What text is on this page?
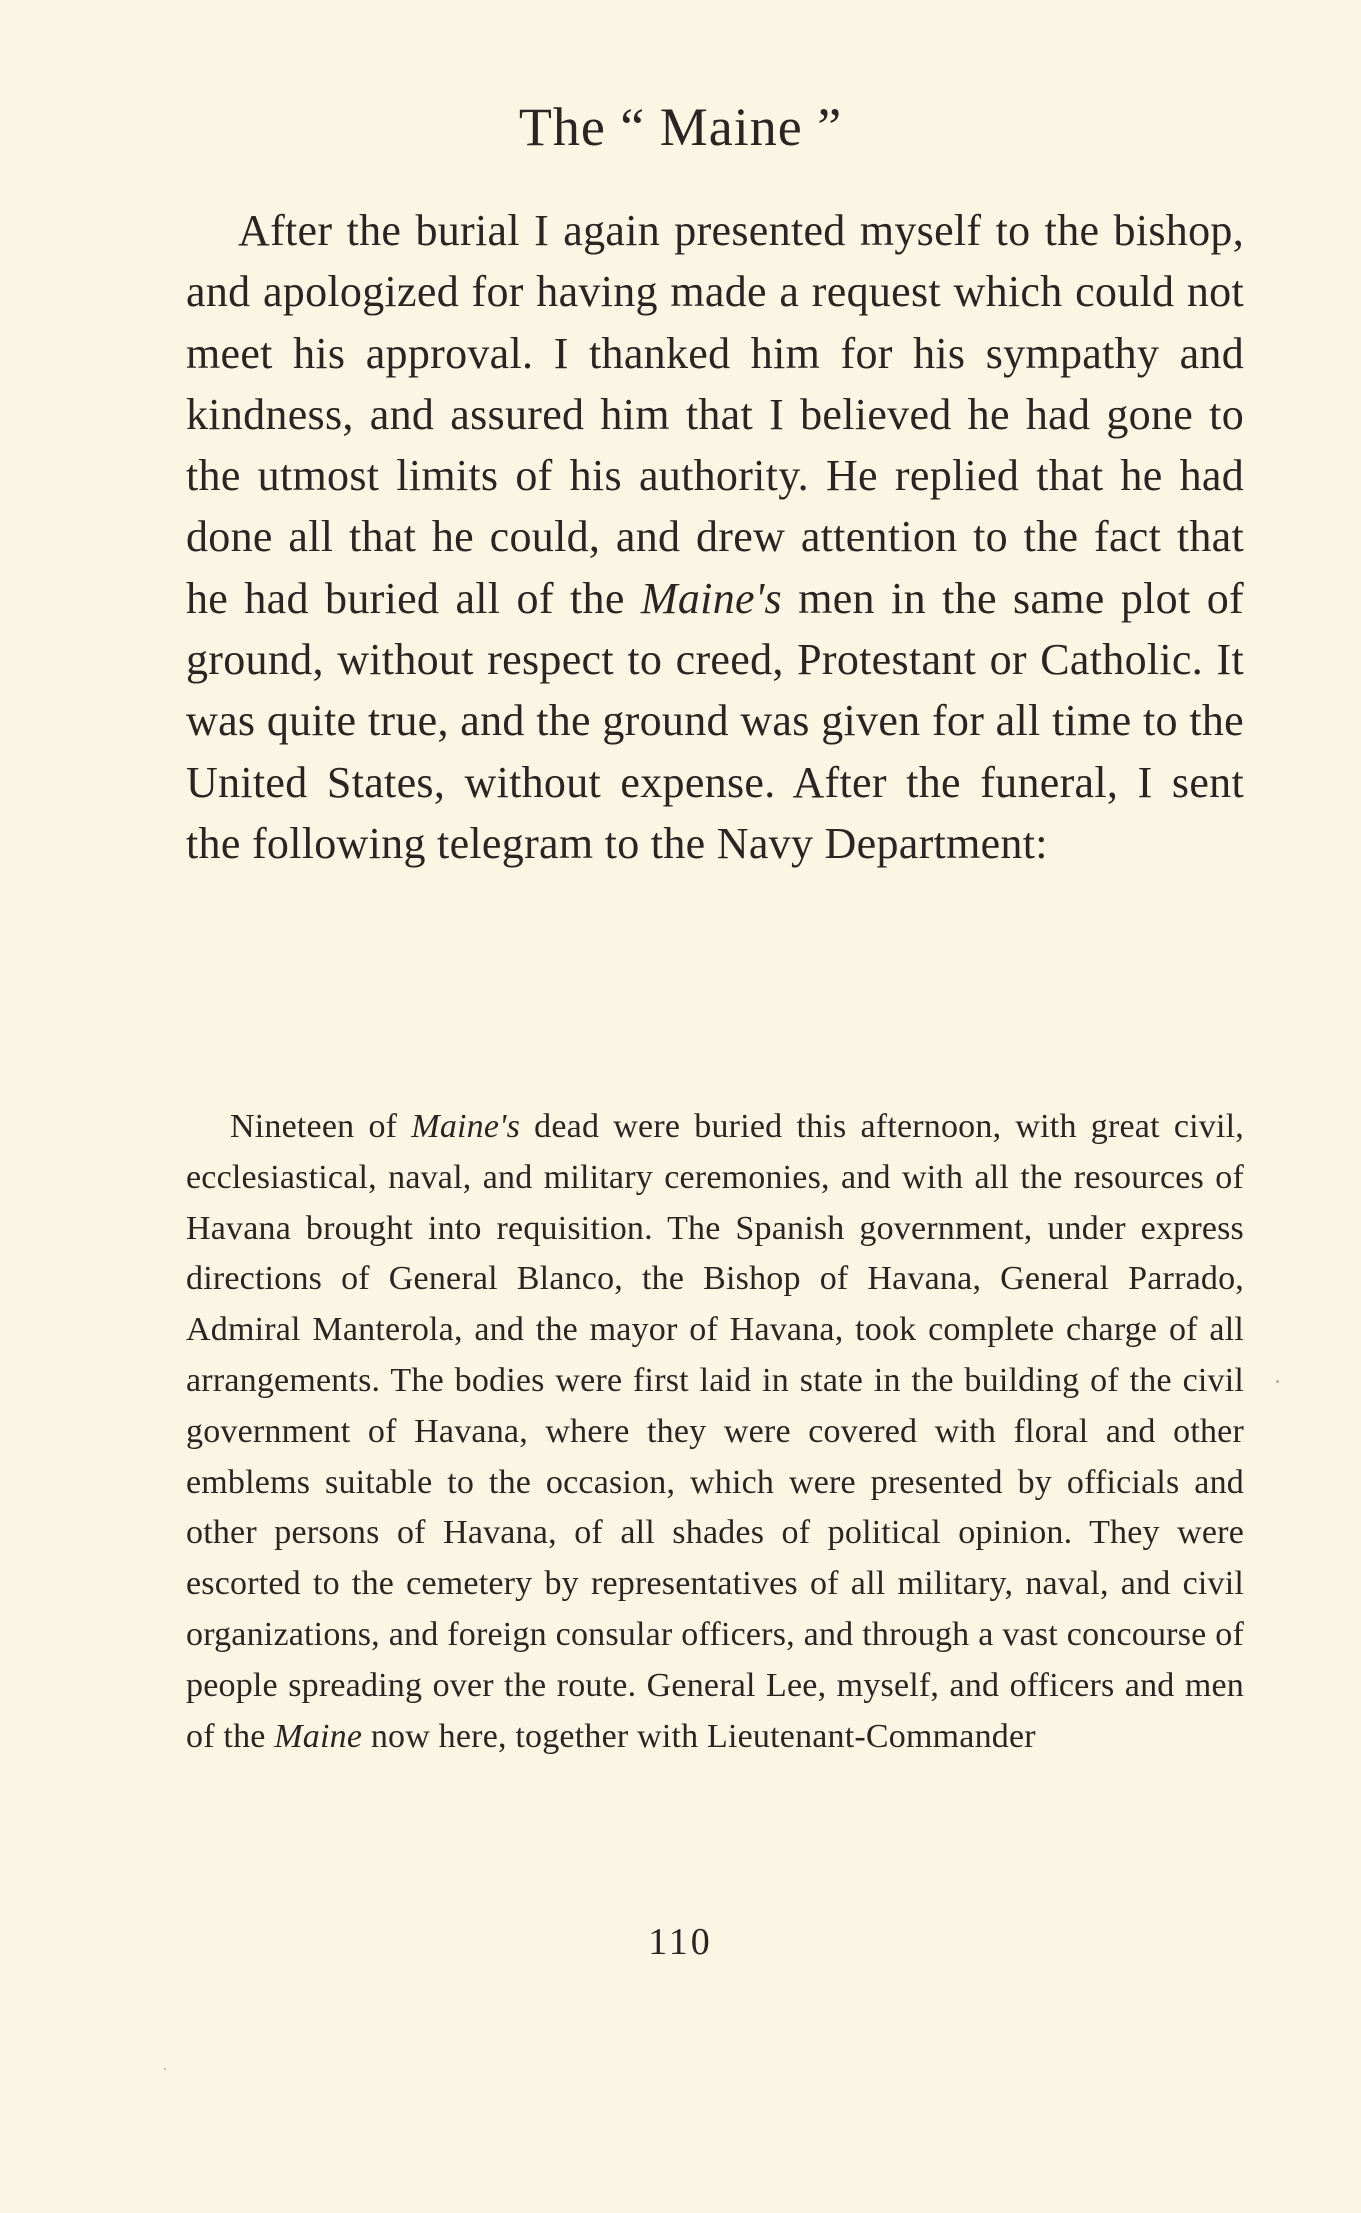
The “ Maine ”

After the burial I again presented myself to the bishop, and apologized for having made a request which could not meet his approval. I thanked him for his sympathy and kindness, and assured him that I believed he had gone to the utmost limits of his authority. He replied that he had done all that he could, and drew attention to the fact that he had buried all of the Maine's men in the same plot of ground, without respect to creed, Protestant or Catholic. It was quite true, and the ground was given for all time to the United States, without expense. After the funeral, I sent the following telegram to the Navy Department:

Nineteen of Maine's dead were buried this afternoon, with great civil, ecclesiastical, naval, and military ceremonies, and with all the resources of Havana brought into requisition. The Spanish government, under express directions of General Blanco, the Bishop of Havana, General Parrado, Admiral Manterola, and the mayor of Havana, took complete charge of all arrangements. The bodies were first laid in state in the building of the civil government of Havana, where they were covered with floral and other emblems suitable to the occasion, which were presented by officials and other persons of Havana, of all shades of political opinion. They were escorted to the cemetery by representatives of all military, naval, and civil organizations, and foreign consular officers, and through a vast concourse of people spreading over the route. General Lee, myself, and officers and men of the Maine now here, together with Lieutenant-Commander

110
